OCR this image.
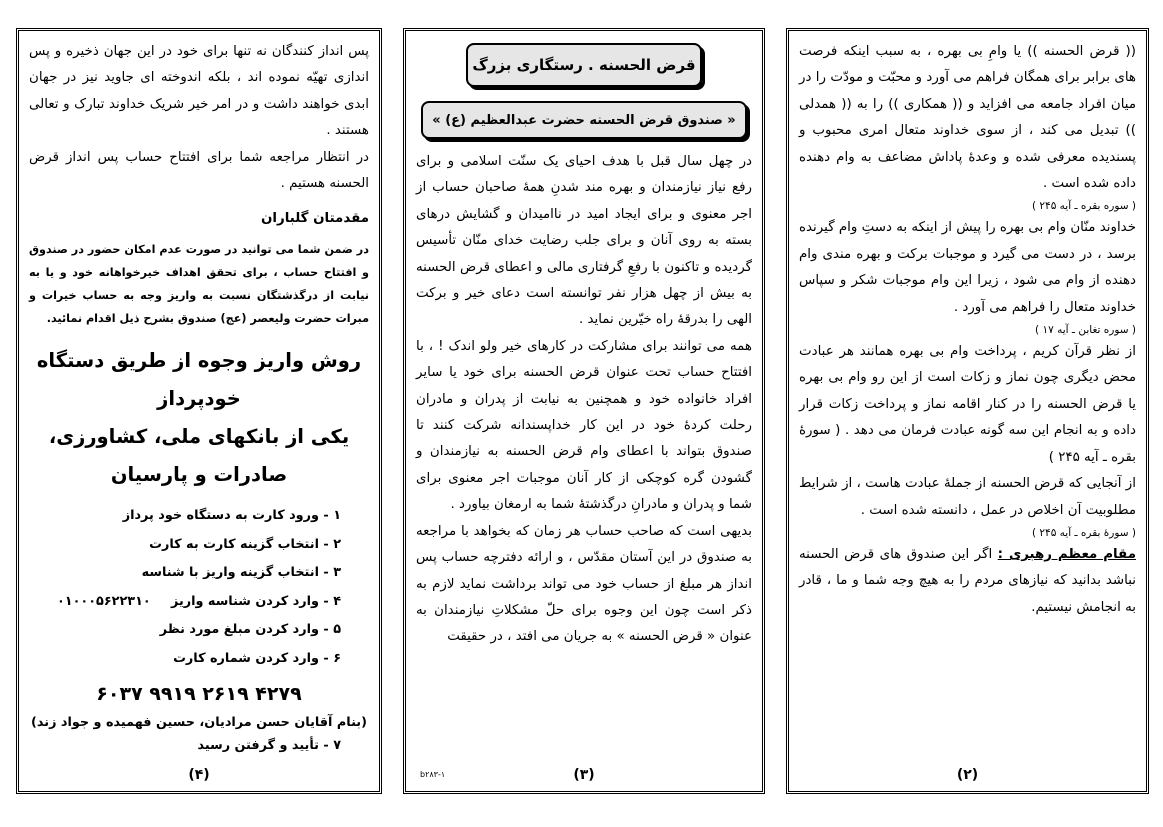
پس انداز کنندگان نه تنها برای خود در این جهان ذخیره و پس اندازی تهیّه نموده اند ، بلکه اندوخته ای جاوید نیز در جهان ابدی خواهند داشت و در امر خیر شریک خداوند تبارک و تعالی هستند .

در انتظار مراجعه شما برای افتتاح حساب پس انداز قرض الحسنه هستیم .

مقدمتان گلباران

در ضمن شما می توانید در صورت عدم امکان حضور در صندوق و افتتاح حساب ، برای تحقق اهداف خیرخواهانه خود و یا به نیابت از درگذشتگان نسبت به واریز وجه به حساب خیرات و مبرات حضرت ولیعصر (عج) صندوق بشرح ذیل اقدام نمائید.

روش واریز وجوه از طریق دستگاه خودپرداز
یکی از بانکهای ملی، کشاورزی، صادرات و پارسیان
۱ - ورود کارت به دستگاه خود پرداز
۲ - انتخاب گزینه کارت به کارت
۳ - انتخاب گزینه واریز با شناسه
۴ - وارد کردن شناسه واریز
۰۱۰۰۰۵۶۲۲۳۱۰
۵ - وارد کردن مبلغ مورد نظر
۶ - وارد کردن شماره کارت
۶۰۳۷ ۹۹۱۹ ۲۶۱۹ ۴۲۷۹
(بنام آقایان حسن مرادیان، حسین فهمیده و جواد زند)
۷ - تأیید و گرفتن رسید
(۴)
قرض الحسنه . رستگاری بزرگ
« صندوق قرض الحسنه حضرت عبدالعظیم (ع) »

در چهل سال قبل با هدف احیای یک سنّت اسلامی و برای رفع نیاز نیازمندان و بهره مند شدنِ همهٔ صاحبان حساب از اجر معنوی و برای ایجاد امید در ناامیدان و گشایش درهای بسته به روی آنان و برای جلب رضایت خدای منّان تأسیس گردیده و تاکنون با رفعِ گرفتاری مالی و اعطای قرض الحسنه به بیش از چهل هزار نفر توانسته است دعای خیر و برکت الهی را بدرقهٔ راه خیّرین نماید .

همه می توانند برای مشارکت در کارهای خیر ولو اندک ! ، با افتتاح حساب تحت عنوان قرض الحسنه برای خود یا سایر افراد خانواده خود و همچنین به نیابت از پدران و مادران رحلت کردهٔ خود در این کار خداپسندانه شرکت کنند تا صندوق بتواند با اعطای وام قرض الحسنه به نیازمندان و گشودن گره کوچکی از کار آنان موجبات اجر معنوی برای شما و پدران و مادرانِ درگذشتهٔ شما به ارمغان بیاورد .

بدیهی است که صاحب حساب هر زمان که بخواهد با مراجعه به صندوق در این آستان مقدّس ، و ارائه دفترچه حساب پس انداز هر مبلغ از حساب خود می تواند برداشت نماید لازم به ذکر است چون این وجوه برای حلّ مشکلاتِ نیازمندان به عنوان « قرض الحسنه » به جریان می افتد ، در حقیقت

b۲۸۳-۱	(۳)

(( قرض الحسنه )) یا وامِ بی بهره ، به سبب اینکه فرصت های برابر برای همگان فراهم می آورد و محبّت و مودّت را در میان افراد جامعه می افزاید و (( همکاری )) را به (( همدلی )) تبدیل می کند ، از سوی خداوند متعال امری محبوب و پسندیده معرفی شده و وعدهٔ پاداش مضاعف به وام دهنده داده شده است .

( سوره بقره ـ آیه ۲۴۵ )

خداوند منّان وام بی بهره را پیش از اینکه به دستِ وام گیرنده برسد ، در دست می گیرد و موجبات برکت و بهره مندی وام دهنده از وام می شود ، زیرا این وام موجبات شکر و سپاس خداوند متعال را فراهم می آورد .

( سوره تغابن ـ آیه ۱۷ )

از نظر قرآن کریم ، پرداخت وام بی بهره همانند هر عبادت محض دیگری چون نماز و زکات است از این رو وام بی بهره یا قرض الحسنه را در کنار اقامه نماز و پرداخت زکات قرار داده و به انجام این سه گونه عبادت فرمان می دهد . ( سورهٔ بقره ـ آیه ۲۴۵ )

از آنجایی که قرض الحسنه از جملهٔ عبادت هاست ، از شرایط مطلوبیت آن اخلاص در عمل ، دانسته شده است .

( سورهٔ بقره ـ آیه ۲۴۵ )

مقام معظم رهبری : اگر این صندوق های قرض الحسنه نباشد بدانید که نیازهای مردم را به هیچ وجه شما و ما ، قادر به انجامش نیستیم.

(۲)
